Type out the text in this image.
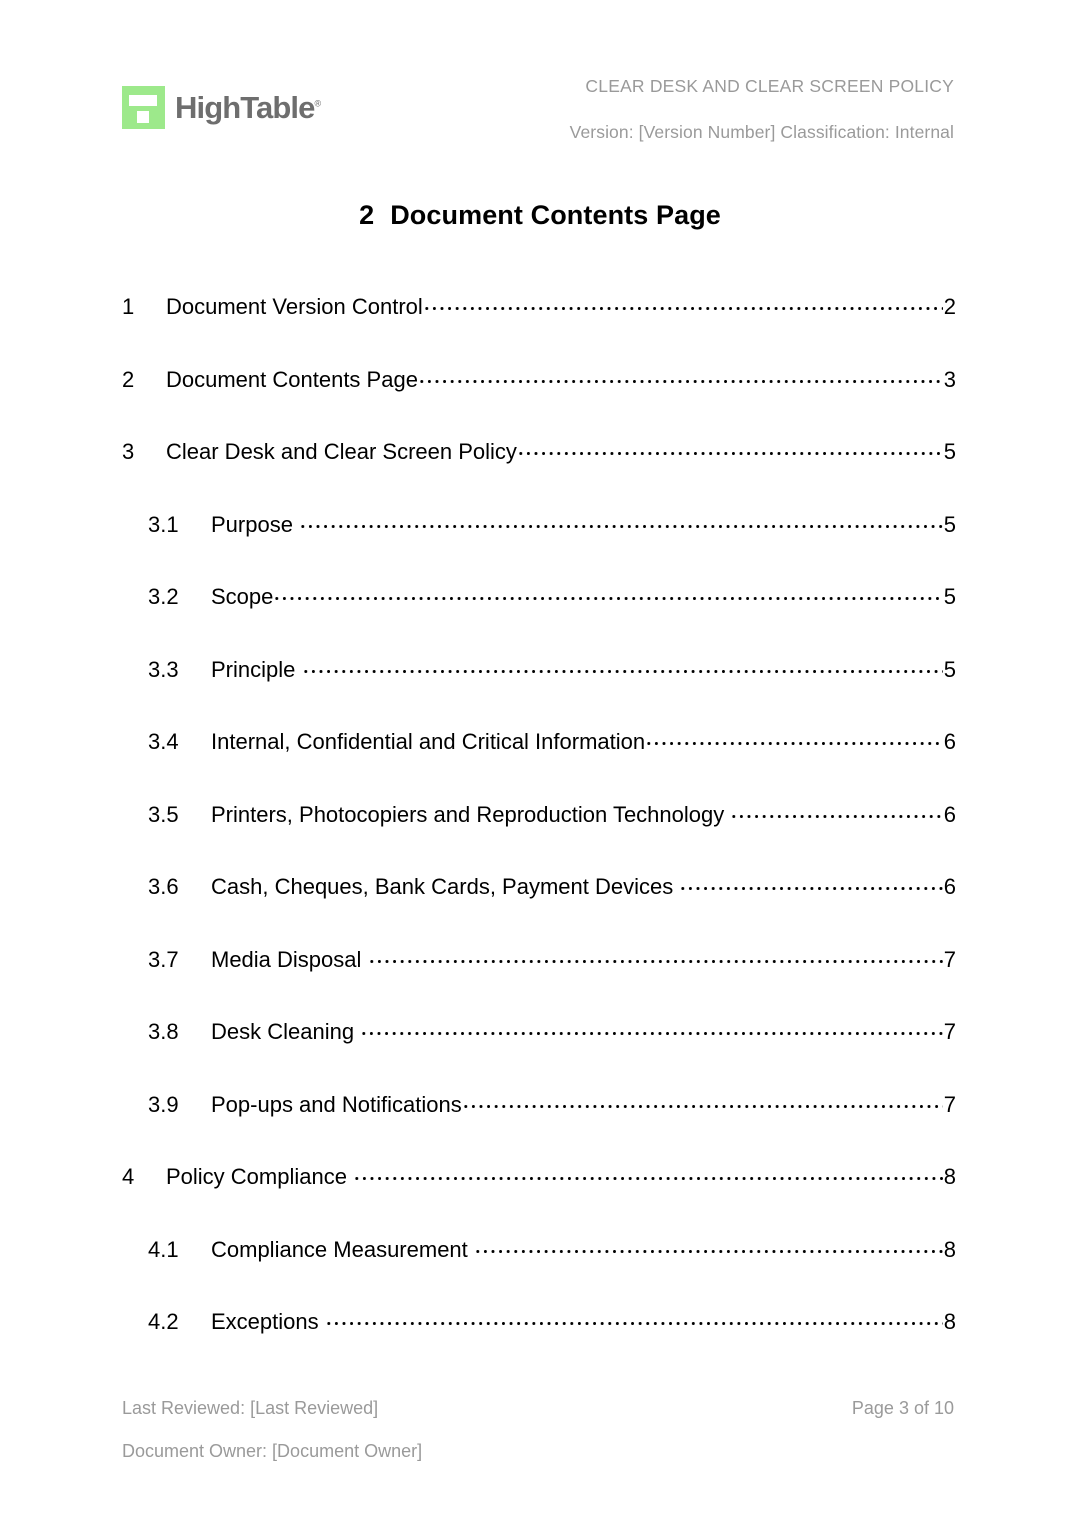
HighTable®
CLEAR DESK AND CLEAR SCREEN POLICY
Version: [Version Number] Classification: Internal
2 Document Contents Page
1	Document Version Control	2
2	Document Contents Page	3
3	Clear Desk and Clear Screen Policy	5
3.1	Purpose	5
3.2	Scope	5
3.3	Principle	5
3.4	Internal, Confidential and Critical Information	6
3.5	Printers, Photocopiers and Reproduction Technology	6
3.6	Cash, Cheques, Bank Cards, Payment Devices	6
3.7	Media Disposal	7
3.8	Desk Cleaning	7
3.9	Pop-ups and Notifications	7
4	Policy Compliance	8
4.1	Compliance Measurement	8
4.2	Exceptions	8
Last Reviewed: [Last Reviewed]	Page 3 of 10
Document Owner: [Document Owner]
